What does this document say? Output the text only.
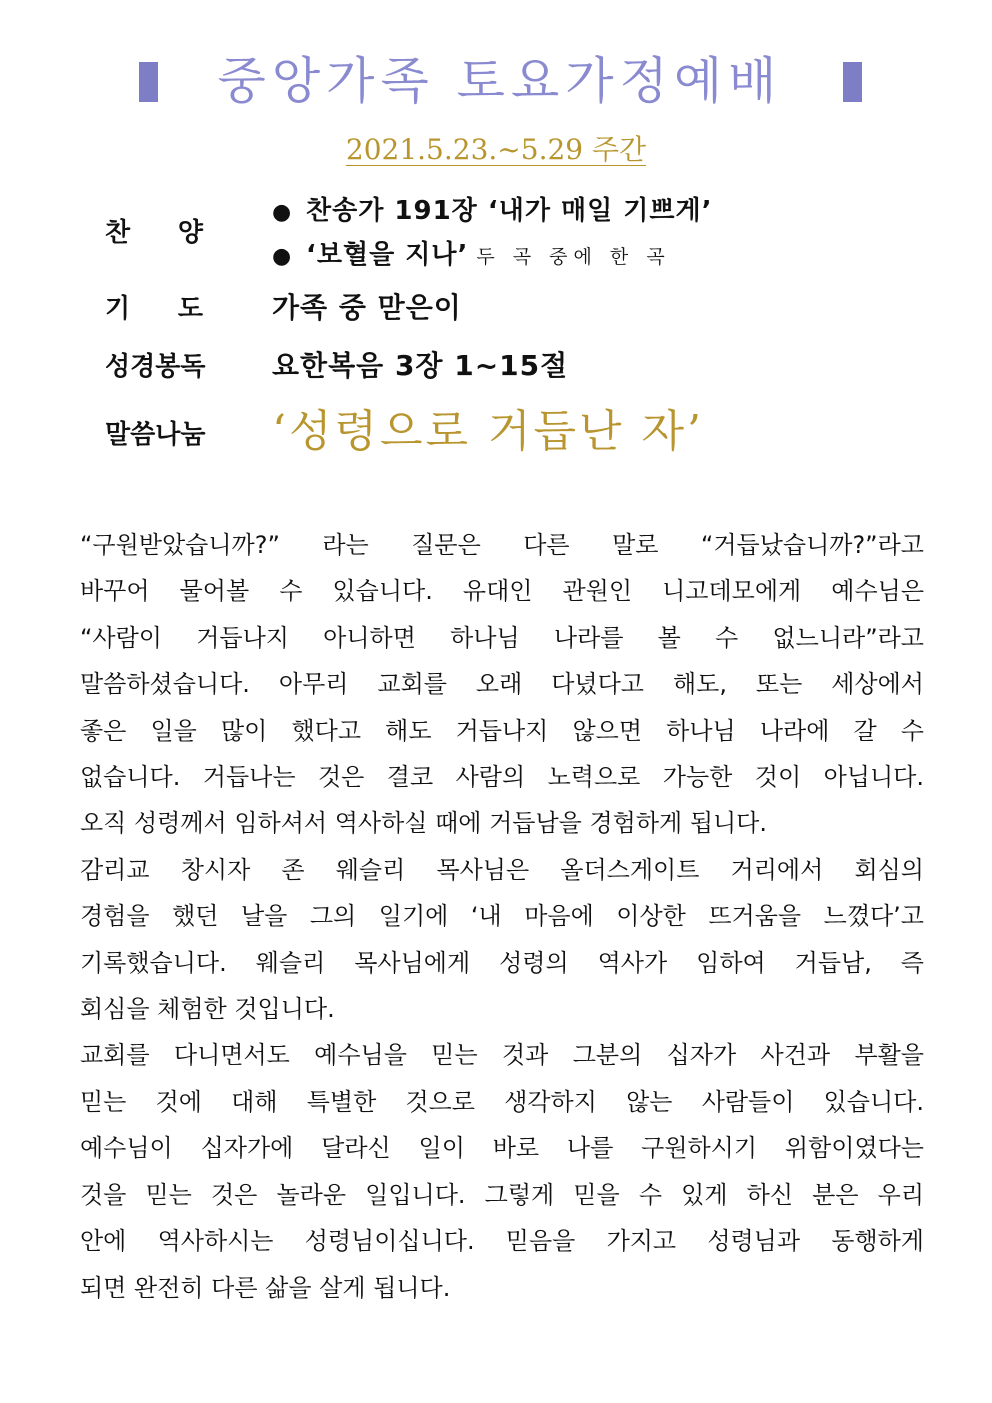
중앙가족 토요가정예배
2021.5.23.~5.29 주간
찬 양
● 찬송가 191장 ‘내가 매일 기쁘게’
● ‘보혈을 지나’ 두 곡 중에 한 곡
기 도 가족 중 맏은이
성경봉독 요한복음 3장 1~15절
말씀나눔 ‘성령으로 거듭난 자’
“구원받았습니까?” 라는 질문은 다른 말로 “거듭났습니까?”라고
바꾸어 물어볼 수 있습니다. 유대인 관원인 니고데모에게 예수님은
“사람이 거듭나지 아니하면 하나님 나라를 볼 수 없느니라”라고
말씀하셨습니다. 아무리 교회를 오래 다녔다고 해도, 또는 세상에서
좋은 일을 많이 했다고 해도 거듭나지 않으면 하나님 나라에 갈 수
없습니다. 거듭나는 것은 결코 사람의 노력으로 가능한 것이 아닙니다.
오직 성령께서 임하셔서 역사하실 때에 거듭남을 경험하게 됩니다.
감리교 창시자 존 웨슬리 목사님은 올더스게이트 거리에서 회심의
경험을 했던 날을 그의 일기에 ‘내 마음에 이상한 뜨거움을 느꼈다’고
기록했습니다. 웨슬리 목사님에게 성령의 역사가 임하여 거듭남, 즉
회심을 체험한 것입니다.
교회를 다니면서도 예수님을 믿는 것과 그분의 십자가 사건과 부활을
믿는 것에 대해 특별한 것으로 생각하지 않는 사람들이 있습니다.
예수님이 십자가에 달라신 일이 바로 나를 구원하시기 위함이였다는
것을 믿는 것은 놀라운 일입니다. 그렇게 믿을 수 있게 하신 분은 우리
안에 역사하시는 성령님이십니다. 믿음을 가지고 성령님과 동행하게
되면 완전히 다른 삶을 살게 됩니다.
